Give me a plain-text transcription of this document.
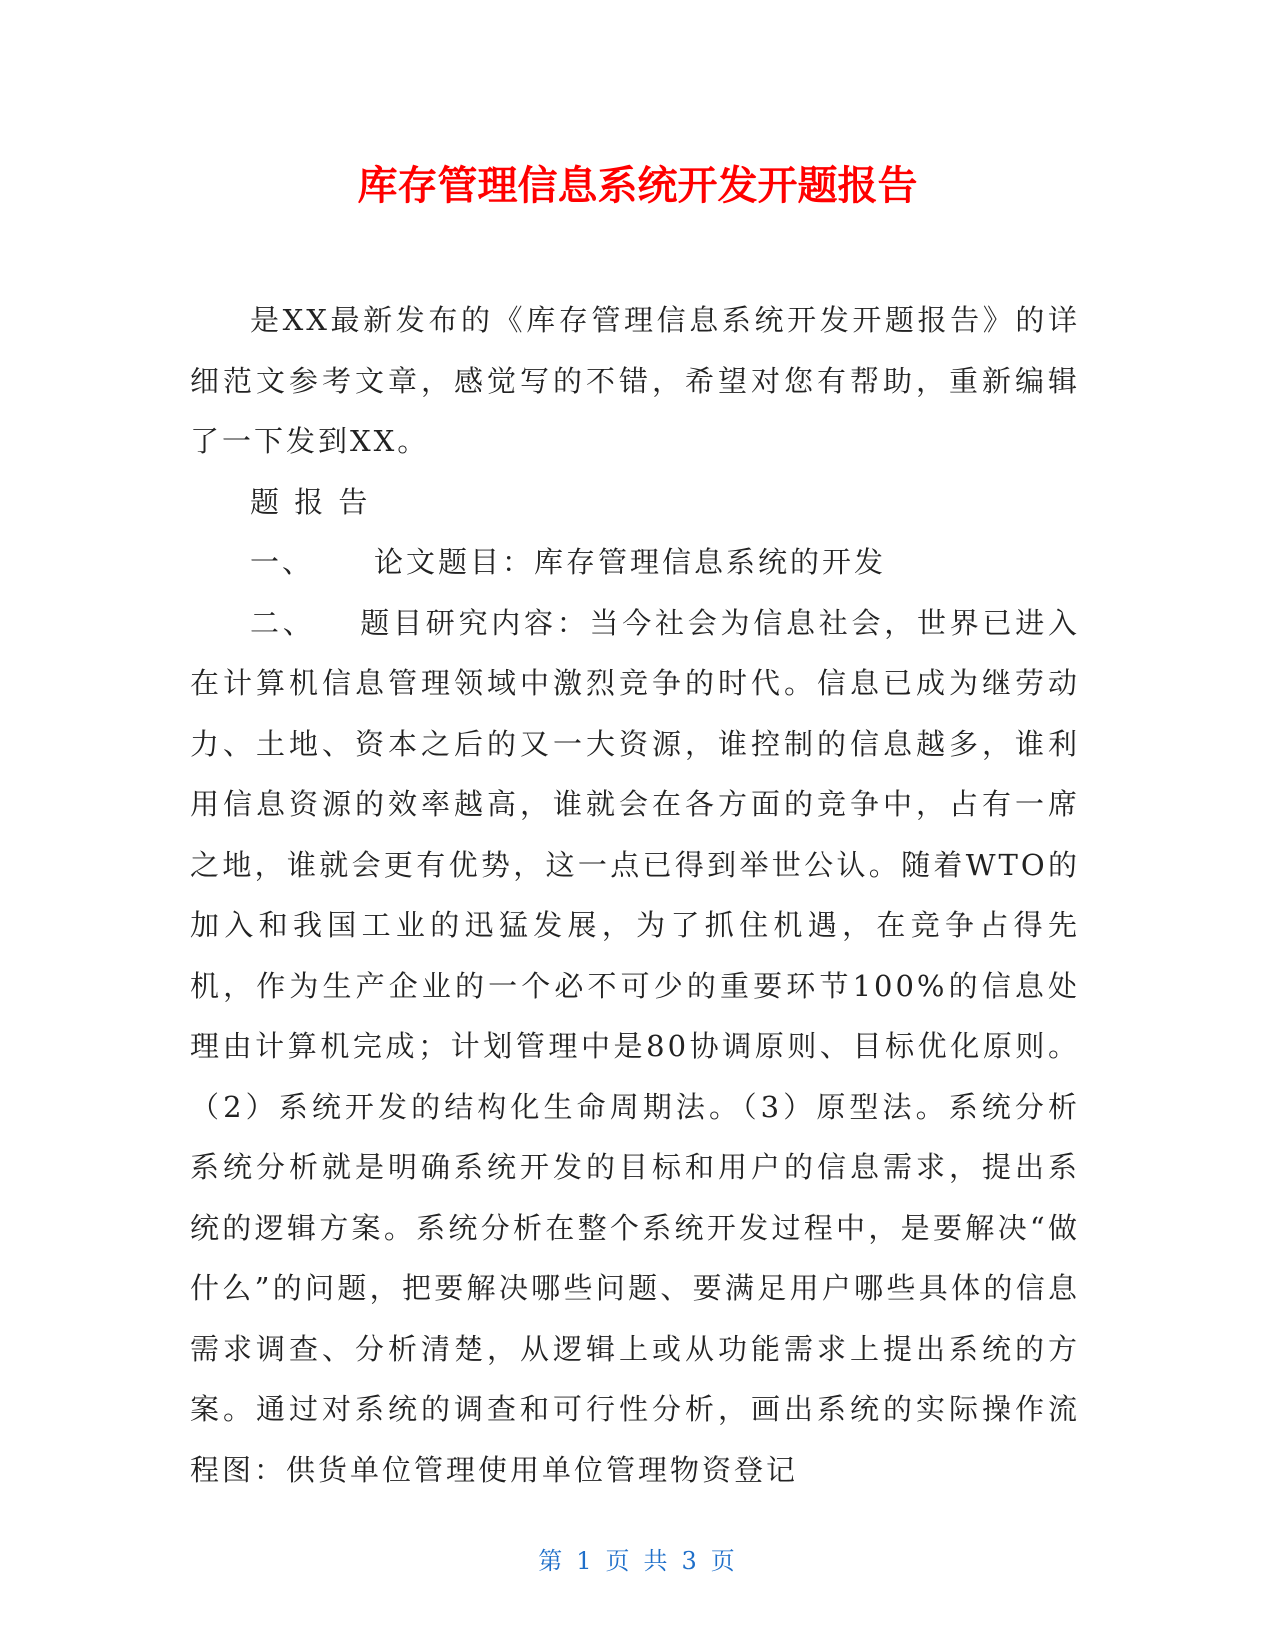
库存管理信息系统开发开题报告

是XX最新发布的《库存管理信息系统开发开题报告》的详细范文参考文章，感觉写的不错，希望对您有帮助，重新编辑了一下发到XX。

题 报 告

一、 论文题目：库存管理信息系统的开发

二、 题目研究内容：当今社会为信息社会，世界已进入在计算机信息管理领域中激烈竞争的时代。信息已成为继劳动力、土地、资本之后的又一大资源，谁控制的信息越多，谁利用信息资源的效率越高，谁就会在各方面的竞争中，占有一席之地，谁就会更有优势，这一点已得到举世公认。随着WTO的加入和我国工业的迅猛发展，为了抓住机遇，在竞争占得先机，作为生产企业的一个必不可少的重要环节100%的信息处理由计算机完成；计划管理中是80协调原则、目标优化原则。（2）系统开发的结构化生命周期法。（3）原型法。系统分析系统分析就是明确系统开发的目标和用户的信息需求，提出系统的逻辑方案。系统分析在整个系统开发过程中，是要解决“做什么”的问题，把要解决哪些问题、要满足用户哪些具体的信息需求调查、分析清楚，从逻辑上或从功能需求上提出系统的方案。通过对系统的调查和可行性分析，画出系统的实际操作流程图：供货单位管理使用单位管理物资登记

第 1 页 共 3 页
